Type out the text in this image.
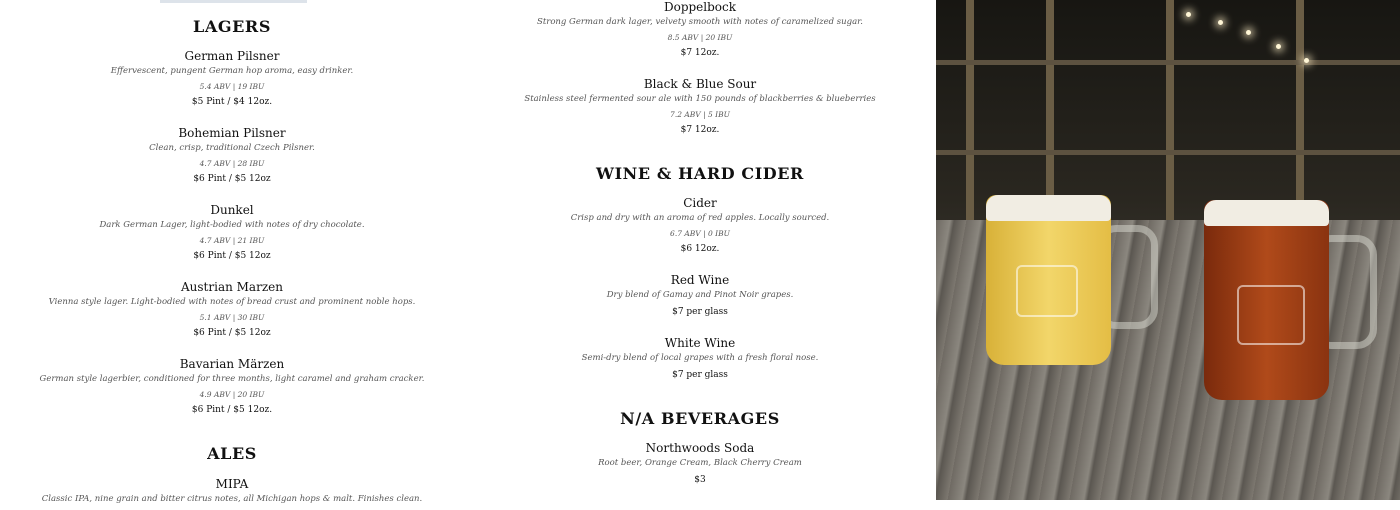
LAGERS
German Pilsner
Effervescent, pungent German hop aroma, easy drinker.
5.4 ABV | 19 IBU
$5 Pint / $4 12oz.
Bohemian Pilsner
Clean, crisp, traditional Czech Pilsner.
4.7 ABV | 28 IBU
$6 Pint / $5 12oz
Dunkel
Dark German Lager, light-bodied with notes of dry chocolate.
4.7 ABV | 21 IBU
$6 Pint / $5 12oz
Austrian Marzen
Vienna style lager. Light-bodied with notes of bread crust and prominent noble hops.
5.1 ABV | 30 IBU
$6 Pint / $5 12oz
Bavarian Märzen
German style lagerbier, conditioned for three months, light caramel and graham cracker.
4.9 ABV | 20 IBU
$6 Pint / $5 12oz.
ALES
MIPA
Classic IPA, nine grain and bitter citrus notes, all Michigan hops & malt. Finishes clean.
Doppelbock
Strong German dark lager, velvety smooth with notes of caramelized sugar.
8.5 ABV | 20 IBU
$7 12oz.
Black & Blue Sour
Stainless steel fermented sour ale with 150 pounds of blackberries & blueberries
7.2 ABV | 5 IBU
$7 12oz.
WINE & HARD CIDER
Cider
Crisp and dry with an aroma of red apples. Locally sourced.
6.7 ABV | 0 IBU
$6 12oz.
Red Wine
Dry blend of Gamay and Pinot Noir grapes.
$7 per glass
White Wine
Semi-dry blend of local grapes with a fresh floral nose.
$7 per glass
N/A BEVERAGES
Northwoods Soda
Root beer, Orange Cream, Black Cherry Cream
$3
